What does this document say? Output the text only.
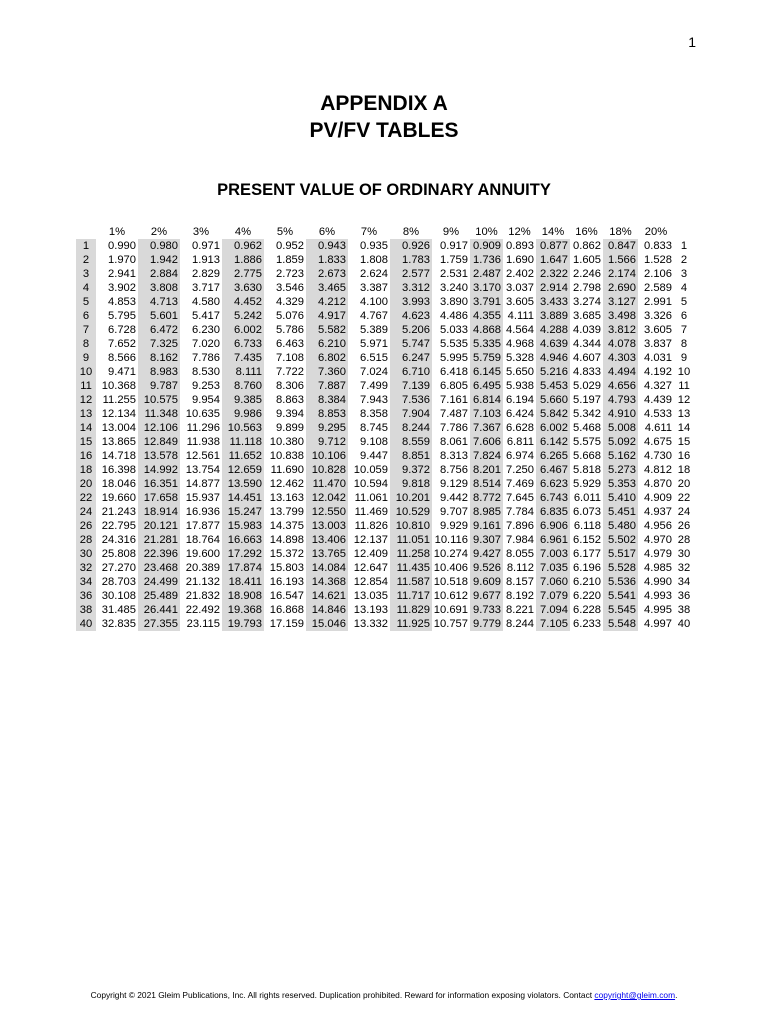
1
APPENDIX A
PV/FV TABLES
PRESENT VALUE OF ORDINARY ANNUITY
	1%	2%	3%	4%	5%	6%	7%	8%	9%	10%	12%	14%	16%	18%	20%	
1	0.990	0.980	0.971	0.962	0.952	0.943	0.935	0.926	0.917	0.909	0.893	0.877	0.862	0.847	0.833	1
2	1.970	1.942	1.913	1.886	1.859	1.833	1.808	1.783	1.759	1.736	1.690	1.647	1.605	1.566	1.528	2
3	2.941	2.884	2.829	2.775	2.723	2.673	2.624	2.577	2.531	2.487	2.402	2.322	2.246	2.174	2.106	3
4	3.902	3.808	3.717	3.630	3.546	3.465	3.387	3.312	3.240	3.170	3.037	2.914	2.798	2.690	2.589	4
5	4.853	4.713	4.580	4.452	4.329	4.212	4.100	3.993	3.890	3.791	3.605	3.433	3.274	3.127	2.991	5
6	5.795	5.601	5.417	5.242	5.076	4.917	4.767	4.623	4.486	4.355	4.111	3.889	3.685	3.498	3.326	6
7	6.728	6.472	6.230	6.002	5.786	5.582	5.389	5.206	5.033	4.868	4.564	4.288	4.039	3.812	3.605	7
8	7.652	7.325	7.020	6.733	6.463	6.210	5.971	5.747	5.535	5.335	4.968	4.639	4.344	4.078	3.837	8
9	8.566	8.162	7.786	7.435	7.108	6.802	6.515	6.247	5.995	5.759	5.328	4.946	4.607	4.303	4.031	9
10	9.471	8.983	8.530	8.111	7.722	7.360	7.024	6.710	6.418	6.145	5.650	5.216	4.833	4.494	4.192	10
11	10.368	9.787	9.253	8.760	8.306	7.887	7.499	7.139	6.805	6.495	5.938	5.453	5.029	4.656	4.327	11
12	11.255	10.575	9.954	9.385	8.863	8.384	7.943	7.536	7.161	6.814	6.194	5.660	5.197	4.793	4.439	12
13	12.134	11.348	10.635	9.986	9.394	8.853	8.358	7.904	7.487	7.103	6.424	5.842	5.342	4.910	4.533	13
14	13.004	12.106	11.296	10.563	9.899	9.295	8.745	8.244	7.786	7.367	6.628	6.002	5.468	5.008	4.611	14
15	13.865	12.849	11.938	11.118	10.380	9.712	9.108	8.559	8.061	7.606	6.811	6.142	5.575	5.092	4.675	15
16	14.718	13.578	12.561	11.652	10.838	10.106	9.447	8.851	8.313	7.824	6.974	6.265	5.668	5.162	4.730	16
18	16.398	14.992	13.754	12.659	11.690	10.828	10.059	9.372	8.756	8.201	7.250	6.467	5.818	5.273	4.812	18
20	18.046	16.351	14.877	13.590	12.462	11.470	10.594	9.818	9.129	8.514	7.469	6.623	5.929	5.353	4.870	20
22	19.660	17.658	15.937	14.451	13.163	12.042	11.061	10.201	9.442	8.772	7.645	6.743	6.011	5.410	4.909	22
24	21.243	18.914	16.936	15.247	13.799	12.550	11.469	10.529	9.707	8.985	7.784	6.835	6.073	5.451	4.937	24
26	22.795	20.121	17.877	15.983	14.375	13.003	11.826	10.810	9.929	9.161	7.896	6.906	6.118	5.480	4.956	26
28	24.316	21.281	18.764	16.663	14.898	13.406	12.137	11.051	10.116	9.307	7.984	6.961	6.152	5.502	4.970	28
30	25.808	22.396	19.600	17.292	15.372	13.765	12.409	11.258	10.274	9.427	8.055	7.003	6.177	5.517	4.979	30
32	27.270	23.468	20.389	17.874	15.803	14.084	12.647	11.435	10.406	9.526	8.112	7.035	6.196	5.528	4.985	32
34	28.703	24.499	21.132	18.411	16.193	14.368	12.854	11.587	10.518	9.609	8.157	7.060	6.210	5.536	4.990	34
36	30.108	25.489	21.832	18.908	16.547	14.621	13.035	11.717	10.612	9.677	8.192	7.079	6.220	5.541	4.993	36
38	31.485	26.441	22.492	19.368	16.868	14.846	13.193	11.829	10.691	9.733	8.221	7.094	6.228	5.545	4.995	38
40	32.835	27.355	23.115	19.793	17.159	15.046	13.332	11.925	10.757	9.779	8.244	7.105	6.233	5.548	4.997	40
Copyright © 2021 Gleim Publications, Inc. All rights reserved. Duplication prohibited. Reward for information exposing violators. Contact copyright@gleim.com.
